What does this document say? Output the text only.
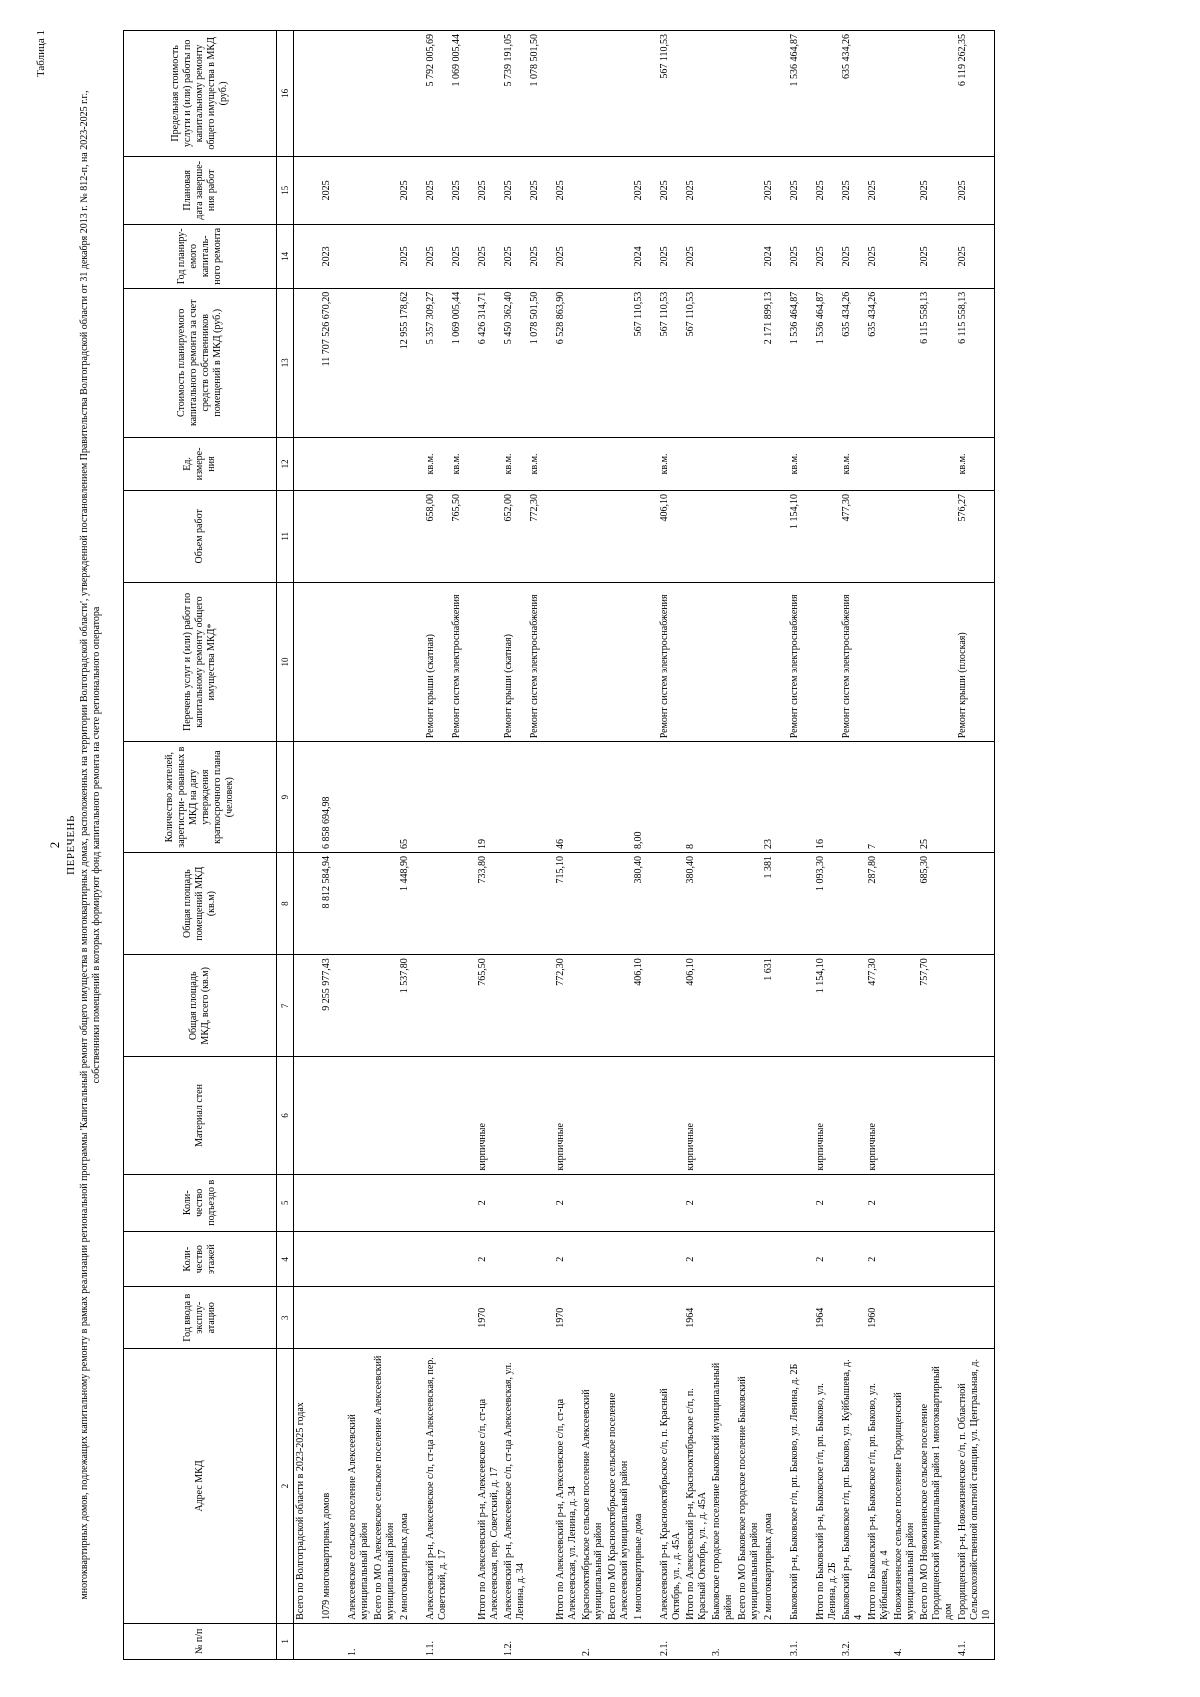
Таблица 1
2 ПЕРЕЧЕНЬ многоквартирных домов, подлежащих капитальному ремонту в рамках реализации региональной программы 'Капитальный ремонт общего имущества в многоквартирных домах, расположенных на территории Волгоградской области', утвержденной постановлением Правительства Волгоградской области от 31 декабря 2013 г. № 812-п, на 2023-2025 г.г., собственники помещений в которых формируют фонд капитального ремонта на счете регионального оператора
№ п/п	Адрес МКД	Год ввода в эксплу- атацию	Коли- чество этажей	Коли- чество подъездо в	Материал стен	Общая площадь МКД, всего (кв.м)	Общая площадь помещений МКД (кв.м)	Количество жителей, зарегистри- рованных в МКД на дату утверждения краткосрочного плана (человек)	Перечень услуг и (или) работ по капитальному ремонту общего имущества МКД*	Объем работ	Ед. измере- ния	Стоимость планируемого капитального ремонта за счет средств собственников помещений в МКД (руб.)	Год планиру- емого капиталь- ного ремонта	Плановая дата заверше- ния работ	Предельная стоимость услуги и (или) работы по капитальному ремонту общего имущества в МКД (руб.)
1	2	3	4	5	6	7	8	9	10	11	12	13	14	15	16
	Всего по Волгоградской области в 2023-2025 годах														
	1079 многоквартирных домов					9 255 977,43	8 812 584,94	6 858 694,98				11 707 526 670,20	2023	2025	
1.	Алексеевское сельское поселение Алексеевский муниципальный район														
	Всего по МО Алексеевское сельское поселение Алексеевский муниципальный район														
	2 многоквартирных дома					1 537,80	1 448,90	65				12 955 178,62	2025	2025	
1.1.	Алексеевский р-н, Алексеевское с/п, ст-ца Алексеевская, пер. Советский, д. 17								Ремонт крыши (скатная)	658,00	кв.м.	5 357 309,27	2025	2025	5 792 005,69
									Ремонт систем электроснабжения	765,50	кв.м.	1 069 005,44	2025	2025	1 069 005,44
	Итого по Алексеевский р-н, Алексеевское с/п, ст-ца Алексеевская, пер. Советский, д. 17	1970	2	2	кирпичные	765,50	733,80	19				6 426 314,71	2025	2025	
1.2.	Алексеевский р-н, Алексеевское с/п, ст-ца Алексеевская, ул. Ленина, д. 34								Ремонт крыши (скатная)	652,00	кв.м.	5 450 362,40	2025	2025	5 739 191,05
									Ремонт систем электроснабжения	772,30	кв.м.	1 078 501,50	2025	2025	1 078 501,50
	Итого по Алексеевский р-н, Алексеевское с/п, ст-ца Алексеевская, ул. Ленина, д. 34	1970	2	2	кирпичные	772,30	715,10	46				6 528 863,90	2025	2025	
2.	Краснооктябрьское сельское поселение Алексеевский муниципальный район														
	Всего по МО Краснооктябрьское сельское поселение Алексеевский муниципальный район														
	1 многоквартирные дома					406,10	380,40	8,00				567 110,53	2024	2025	
2.1.	Алексеевский р-н, Краснооктябрьское с/п, п. Красный Октябрь, ул. , д. 45А								Ремонт систем электроснабжения	406,10	кв.м.	567 110,53	2025	2025	567 110,53
	Итого по Алексеевский р-н, Краснооктябрьское с/п, п. Красный Октябрь, ул. , д. 45А	1964	2	2	кирпичные	406,10	380,40	8				567 110,53	2025	2025	
3.	Быковское городское поселение Быковский муниципальный район														
	Всего по МО Быковское городское поселение Быковский муниципальный район														
	2 многоквартирных дома					1 631	1 381	23				2 171 899,13	2024	2025	
3.1.	Быковский р-н, Быковское г/п, рп. Быково, ул. Ленина, д. 2Б								Ремонт систем электроснабжения	1 154,10	кв.м.	1 536 464,87	2025	2025	1 536 464,87
	Итого по Быковский р-н, Быковское г/п, рп. Быково, ул. Ленина, д. 2Б	1964	2	2	кирпичные	1 154,10	1 093,30	16				1 536 464,87	2025	2025	
3.2.	Быковский р-н, Быковское г/п, рп. Быково, ул. Куйбышева, д. 4								Ремонт систем электроснабжения	477,30	кв.м.	635 434,26	2025	2025	635 434,26
	Итого по Быковский р-н, Быковское г/п, рп. Быково, ул. Куйбышева, д. 4	1960	2	2	кирпичные	477,30	287,80	7				635 434,26	2025	2025	
4.	Новожизненское сельское поселение Городищенский муниципальный район														
	Всего по МО Новожизненское сельское поселение Городищенский муниципальный район 1 многоквартирный дом					757,70	685,30	25				6 115 558,13	2025	2025	
4.1.	Городищенский р-н, Новожизненское с/п, п. Областной Сельскохозяйственной опытной станции, ул. Центральная, д. 10								Ремонт крыши (плоская)	576,27	кв.м.	6 115 558,13	2025	2025	6 119 262,35
